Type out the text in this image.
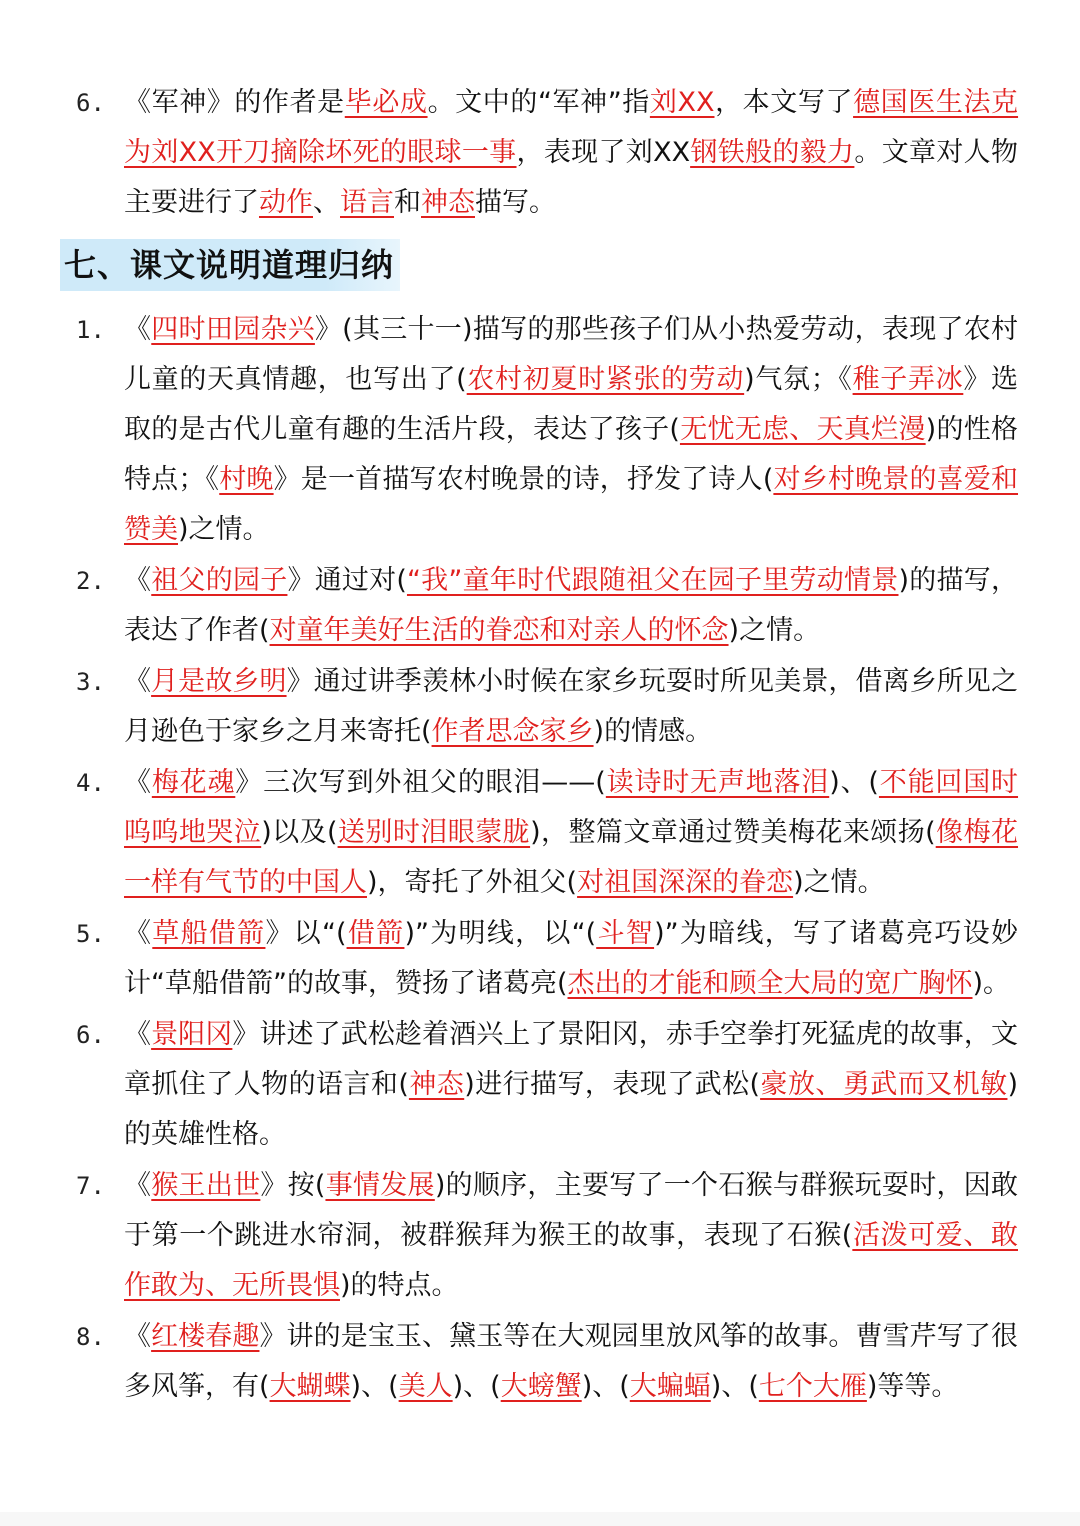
6. 《军神》的作者是毕必成。文中的“军神”指刘XX，本文写了德国医生法克为刘XX开刀摘除坏死的眼球一事，表现了刘XX钢铁般的毅力。文章对人物主要进行了动作、语言和神态描写。
七、课文说明道理归纳
1. 《四时田园杂兴》(其三十一)描写的那些孩子们从小热爱劳动，表现了农村儿童的天真情趣，也写出了(农村初夏时紧张的劳动)气氛；《稚子弄冰》选取的是古代儿童有趣的生活片段，表达了孩子(无忧无虑、天真烂漫)的性格特点；《村晚》是一首描写农村晚景的诗，抒发了诗人(对乡村晚景的喜爱和赞美)之情。
2. 《祖父的园子》通过对(“我”童年时代跟随祖父在园子里劳动情景)的描写，表达了作者(对童年美好生活的眷恋和对亲人的怀念)之情。
3. 《月是故乡明》通过讲季羡林小时候在家乡玩耍时所见美景，借离乡所见之月逊色于家乡之月来寄托(作者思念家乡)的情感。
4. 《梅花魂》三次写到外祖父的眼泪——(读诗时无声地落泪)、(不能回国时呜呜地哭泣)以及(送别时泪眼蒙胧)，整篇文章通过赞美梅花来颂扬(像梅花一样有气节的中国人)，寄托了外祖父(对祖国深深的眷恋)之情。
5. 《草船借箭》以“(借箭)”为明线，以“(斗智)”为暗线，写了诸葛亮巧设妙计“草船借箭”的故事，赞扬了诸葛亮(杰出的才能和顾全大局的宽广胸怀)。
6. 《景阳冈》讲述了武松趁着酒兴上了景阳冈，赤手空拳打死猛虎的故事，文章抓住了人物的语言和(神态)进行描写，表现了武松(豪放、勇武而又机敏)的英雄性格。
7. 《猴王出世》按(事情发展)的顺序，主要写了一个石猴与群猴玩耍时，因敢于第一个跳进水帘洞，被群猴拜为猴王的故事，表现了石猴(活泼可爱、敢作敢为、无所畏惧)的特点。
8. 《红楼春趣》讲的是宝玉、黛玉等在大观园里放风筝的故事。曹雪芹写了很多风筝，有(大蝴蝶)、(美人)、(大螃蟹)、(大蝙蝠)、(七个大雁)等等。
